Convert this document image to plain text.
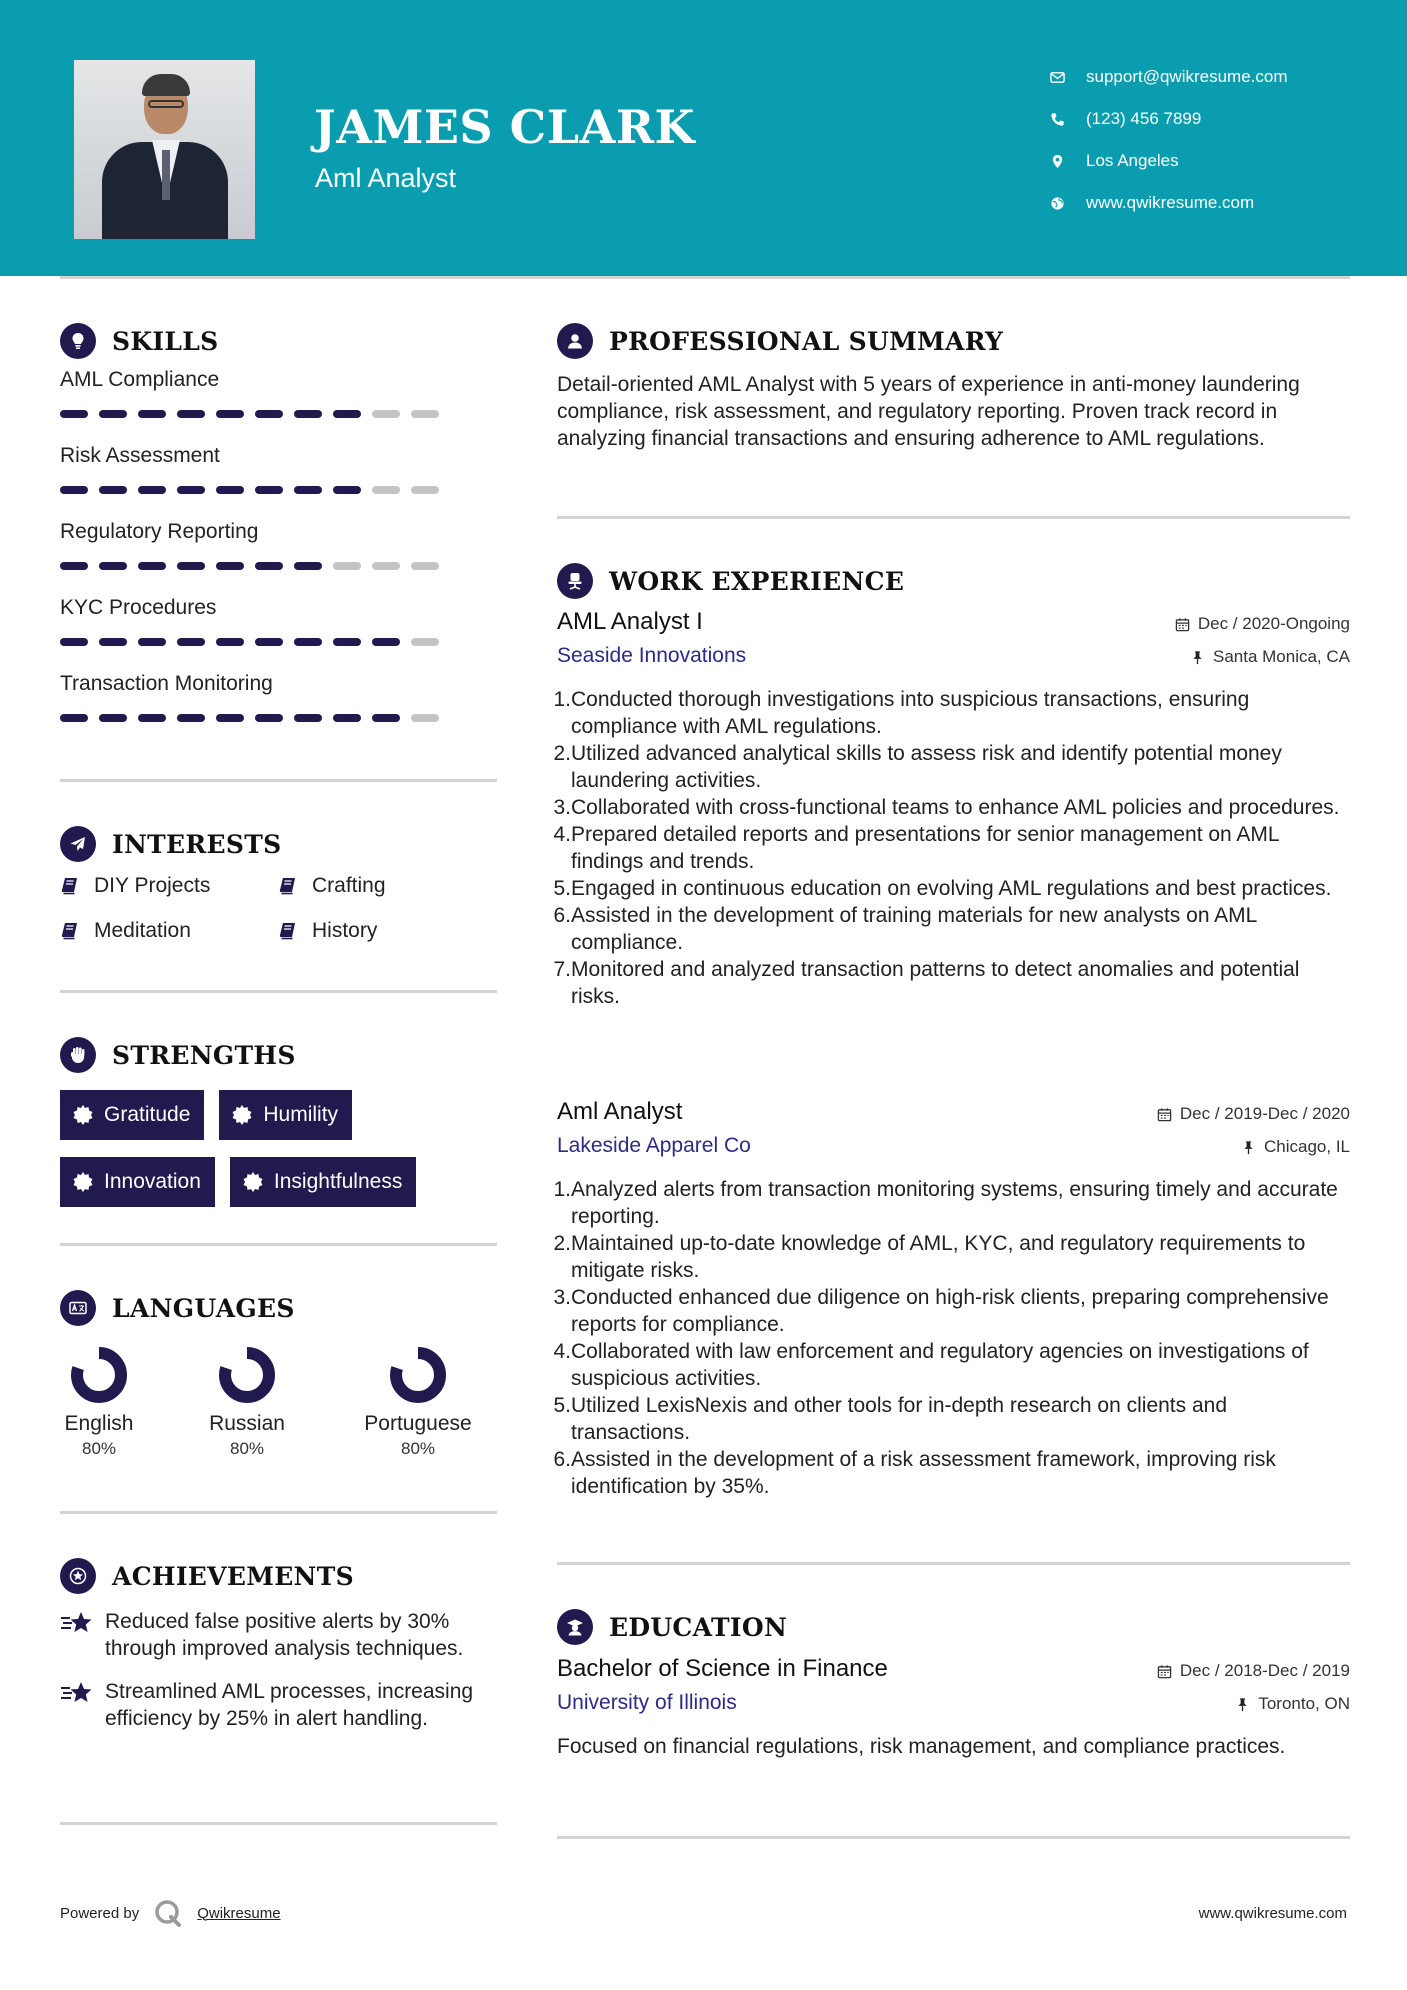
JAMES CLARK
Aml Analyst
support@qwikresume.com
(123) 456 7899
Los Angeles
www.qwikresume.com
SKILLS
AML Compliance
Risk Assessment
Regulatory Reporting
KYC Procedures
Transaction Monitoring
INTERESTS
DIY Projects	Crafting
Meditation	History
STRENGTHS
Gratitude	Humility
Innovation	Insightfulness
LANGUAGES
English
80%
Russian
80%
Portuguese
80%
ACHIEVEMENTS
Reduced false positive alerts by 30% through improved analysis techniques.
Streamlined AML processes, increasing efficiency by 25% in alert handling.
PROFESSIONAL SUMMARY
Detail-oriented AML Analyst with 5 years of experience in anti-money laundering compliance, risk assessment, and regulatory reporting. Proven track record in analyzing financial transactions and ensuring adherence to AML regulations.
WORK EXPERIENCE
AML Analyst I	Dec / 2020-Ongoing
Seaside Innovations	Santa Monica, CA
1. Conducted thorough investigations into suspicious transactions, ensuring compliance with AML regulations.
2. Utilized advanced analytical skills to assess risk and identify potential money laundering activities.
3. Collaborated with cross-functional teams to enhance AML policies and procedures.
4. Prepared detailed reports and presentations for senior management on AML findings and trends.
5. Engaged in continuous education on evolving AML regulations and best practices.
6. Assisted in the development of training materials for new analysts on AML compliance.
7. Monitored and analyzed transaction patterns to detect anomalies and potential risks.
Aml Analyst	Dec / 2019-Dec / 2020
Lakeside Apparel Co	Chicago, IL
1. Analyzed alerts from transaction monitoring systems, ensuring timely and accurate reporting.
2. Maintained up-to-date knowledge of AML, KYC, and regulatory requirements to mitigate risks.
3. Conducted enhanced due diligence on high-risk clients, preparing comprehensive reports for compliance.
4. Collaborated with law enforcement and regulatory agencies on investigations of suspicious activities.
5. Utilized LexisNexis and other tools for in-depth research on clients and transactions.
6. Assisted in the development of a risk assessment framework, improving risk identification by 35%.
EDUCATION
Bachelor of Science in Finance	Dec / 2018-Dec / 2019
University of Illinois	Toronto, ON
Focused on financial regulations, risk management, and compliance practices.
Powered by	Qwikresume	www.qwikresume.com
